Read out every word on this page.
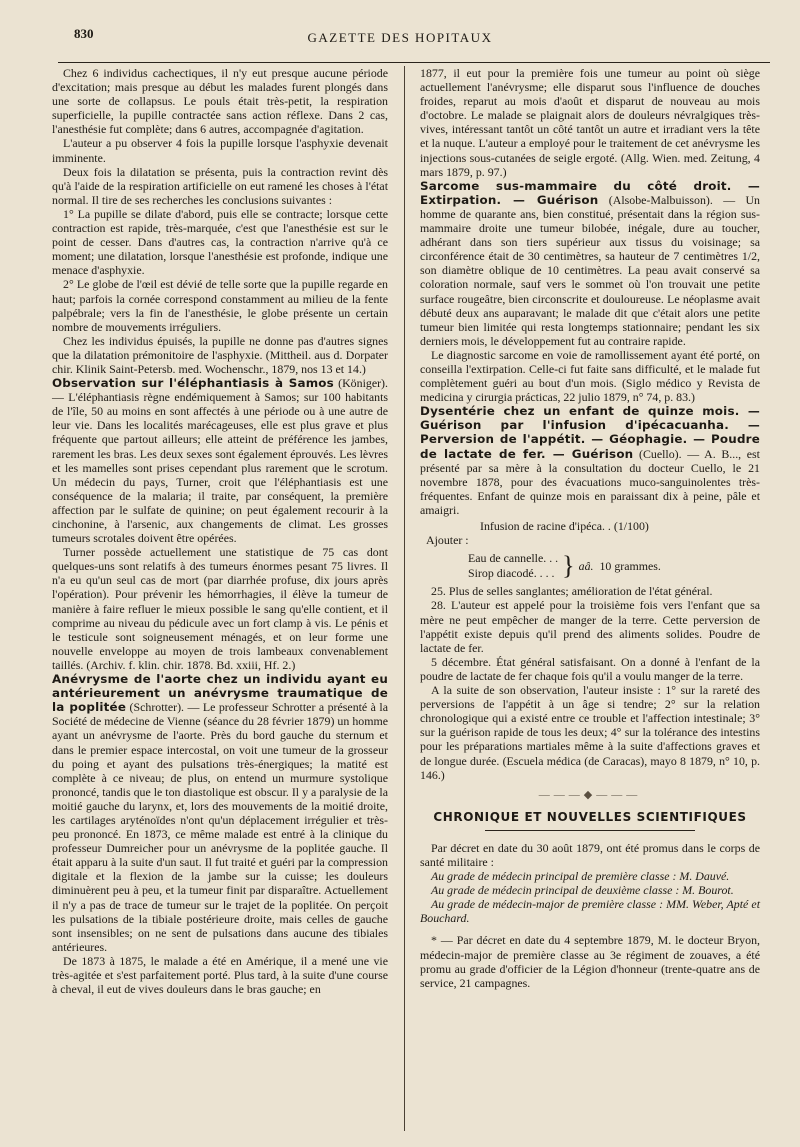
830	GAZETTE DES HOPITAUX

Chez 6 individus cachectiques, il n'y eut presque aucune période d'excitation; mais presque au début les malades furent plongés dans une sorte de collapsus. Le pouls était très-petit, la respiration superficielle, la pupille contractée sans action réflexe. Dans 2 cas, l'anesthésie fut complète; dans 6 autres, accompagnée d'agitation.

L'auteur a pu observer 4 fois la pupille lorsque l'asphyxie devenait imminente.

Deux fois la dilatation se présenta, puis la contraction revint dès qu'à l'aide de la respiration artificielle on eut ramené les choses à l'état normal. Il tire de ses recherches les conclusions suivantes :

1° La pupille se dilate d'abord, puis elle se contracte; lorsque cette contraction est rapide, très-marquée, c'est que l'anesthésie est sur le point de cesser. Dans d'autres cas, la contraction n'arrive qu'à ce moment; une dilatation, lorsque l'anesthésie est profonde, indique une menace d'asphyxie.

2° Le globe de l'œil est dévié de telle sorte que la pupille regarde en haut; parfois la cornée correspond constamment au milieu de la fente palpébrale; vers la fin de l'anesthésie, le globe présente un certain nombre de mouvements irréguliers.

Chez les individus épuisés, la pupille ne donne pas d'autres signes que la dilatation prémonitoire de l'asphyxie. (Mittheil. aus d. Dorpater chir. Klinik Saint-Petersb. med. Wochenschr., 1879, nos 13 et 14.)

Observation sur l'éléphantiasis à Samos (Königer). — L'éléphantiasis règne endémiquement à Samos; sur 100 habitants de l'île, 50 au moins en sont affectés à une période ou à une autre de leur vie. Dans les localités marécageuses, elle est plus grave et plus fréquente que partout ailleurs; elle atteint de préférence les jambes, rarement les bras. Les deux sexes sont également éprouvés. Les lèvres et les mamelles sont prises cependant plus rarement que le scrotum. Un médecin du pays, Turner, croit que l'éléphantiasis est une conséquence de la malaria; il traite, par conséquent, la première affection par le sulfate de quinine; on peut également recourir à la cinchonine, à l'arsenic, aux changements de climat. Les grosses tumeurs scrotales doivent être opérées.

Turner possède actuellement une statistique de 75 cas dont quelques-uns sont relatifs à des tumeurs énormes pesant 75 livres. Il n'a eu qu'un seul cas de mort (par diarrhée profuse, dix jours après l'opération). Pour prévenir les hémorrhagies, il élève la tumeur de manière à faire refluer le mieux possible le sang qu'elle contient, et il comprime au niveau du pédicule avec un fort clamp à vis. Le pénis et le testicule sont soigneusement ménagés, et on leur forme une nouvelle enveloppe au moyen de trois lambeaux convenablement taillés. (Archiv. f. klin. chir. 1878. Bd. xxiii, Hf. 2.)

Anévrysme de l'aorte chez un individu ayant eu antérieurement un anévrysme traumatique de la poplitée (Schrotter). — Le professeur Schrotter a présenté à la Société de médecine de Vienne (séance du 28 février 1879) un homme ayant un anévrysme de l'aorte. Près du bord gauche du sternum et dans le premier espace intercostal, on voit une tumeur de la grosseur du poing et ayant des pulsations très-énergiques; la matité est complète à ce niveau; de plus, on entend un murmure systolique prononcé, tandis que le ton diastolique est obscur. Il y a paralysie de la moitié gauche du larynx, et, lors des mouvements de la moitié droite, les cartilages aryténoïdes n'ont qu'un déplacement irrégulier et très-peu prononcé. En 1873, ce même malade est entré à la clinique du professeur Dumreicher pour un anévrysme de la poplitée gauche. Il était apparu à la suite d'un saut. Il fut traité et guéri par la compression digitale et la flexion de la jambe sur la cuisse; les douleurs diminuèrent peu à peu, et la tumeur finit par disparaître. Actuellement il n'y a pas de trace de tumeur sur le trajet de la poplitée. On perçoit les pulsations de la tibiale postérieure droite, mais celles de gauche sont insensibles; on ne sent de pulsations dans aucune des tibiales antérieures.

De 1873 à 1875, le malade a été en Amérique, il a mené une vie très-agitée et s'est parfaitement porté. Plus tard, à la suite d'une course à cheval, il eut de vives douleurs dans le bras gauche; en

1877, il eut pour la première fois une tumeur au point où siège actuellement l'anévrysme; elle disparut sous l'influence de douches froides, reparut au mois d'août et disparut de nouveau au mois d'octobre. Le malade se plaignait alors de douleurs névralgiques très-vives, intéressant tantôt un côté tantôt un autre et irradiant vers la tête et la nuque. L'auteur a employé pour le traitement de cet anévrysme les injections sous-cutanées de seigle ergoté. (Allg. Wien. med. Zeitung, 4 mars 1879, p. 97.)

Sarcome sus-mammaire du côté droit. — Extirpation. — Guérison (Alsobe-Malbuisson). — Un homme de quarante ans, bien constitué, présentait dans la région sus-mammaire droite une tumeur bilobée, inégale, dure au toucher, adhérant dans son tiers supérieur aux tissus du voisinage; sa circonférence était de 30 centimètres, sa hauteur de 7 centimètres 1/2, son diamètre oblique de 10 centimètres. La peau avait conservé sa coloration normale, sauf vers le sommet où l'on trouvait une petite surface rougeâtre, bien circonscrite et douloureuse. Le néoplasme avait débuté deux ans auparavant; le malade dit que c'était alors une petite tumeur bien limitée qui resta longtemps stationnaire; pendant les six derniers mois, le développement fut au contraire rapide.

Le diagnostic sarcome en voie de ramollissement ayant été porté, on conseilla l'extirpation. Celle-ci fut faite sans difficulté, et le malade fut complètement guéri au bout d'un mois. (Siglo médico y Revista de medicina y cirurgia prácticas, 22 julio 1879, n° 74, p. 83.)

Dysentérie chez un enfant de quinze mois. — Guérison par l'infusion d'ipécacuanha. — Perversion de l'appétit. — Géophagie. — Poudre de lactate de fer. — Guérison (Cuello). — A. B..., est présenté par sa mère à la consultation du docteur Cuello, le 21 novembre 1878, pour des évacuations muco-sanguinolentes très-fréquentes. Enfant de quinze mois en paraissant dix à peine, pâle et amaigri.

Infusion de racine d'ipéca. . (1/100)
Ajouter :
Eau de cannelle. . .
Sirop diacodé. . . . } aâ.
10 grammes.

25. Plus de selles sanglantes; amélioration de l'état général.

28. L'auteur est appelé pour la troisième fois vers l'enfant que sa mère ne peut empêcher de manger de la terre. Cette perversion de l'appétit existe depuis qu'il prend des aliments solides. Poudre de lactate de fer.

5 décembre. État général satisfaisant. On a donné à l'enfant de la poudre de lactate de fer chaque fois qu'il a voulu manger de la terre.

A la suite de son observation, l'auteur insiste : 1° sur la rareté des perversions de l'appétit à un âge si tendre; 2° sur la relation chronologique qui a existé entre ce trouble et l'affection intestinale; 3° sur la guérison rapide de tous les deux; 4° sur la tolérance des intestins pour les préparations martiales même à la suite d'affections graves et de longue durée. (Escuela médica (de Caracas), mayo 8 1879, n° 10, p. 146.)

———◆———
CHRONIQUE ET NOUVELLES SCIENTIFIQUES

Par décret en date du 30 août 1879, ont été promus dans le corps de santé militaire :

Au grade de médecin principal de première classe : M. Dauvé.

Au grade de médecin principal de deuxième classe : M. Bourot.

Au grade de médecin-major de première classe : MM. Weber, Apté et Bouchard.

* — Par décret en date du 4 septembre 1879, M. le docteur Bryon, médecin-major de première classe au 3e régiment de zouaves, a été promu au grade d'officier de la Légion d'honneur (trente-quatre ans de service, 21 campagnes.
